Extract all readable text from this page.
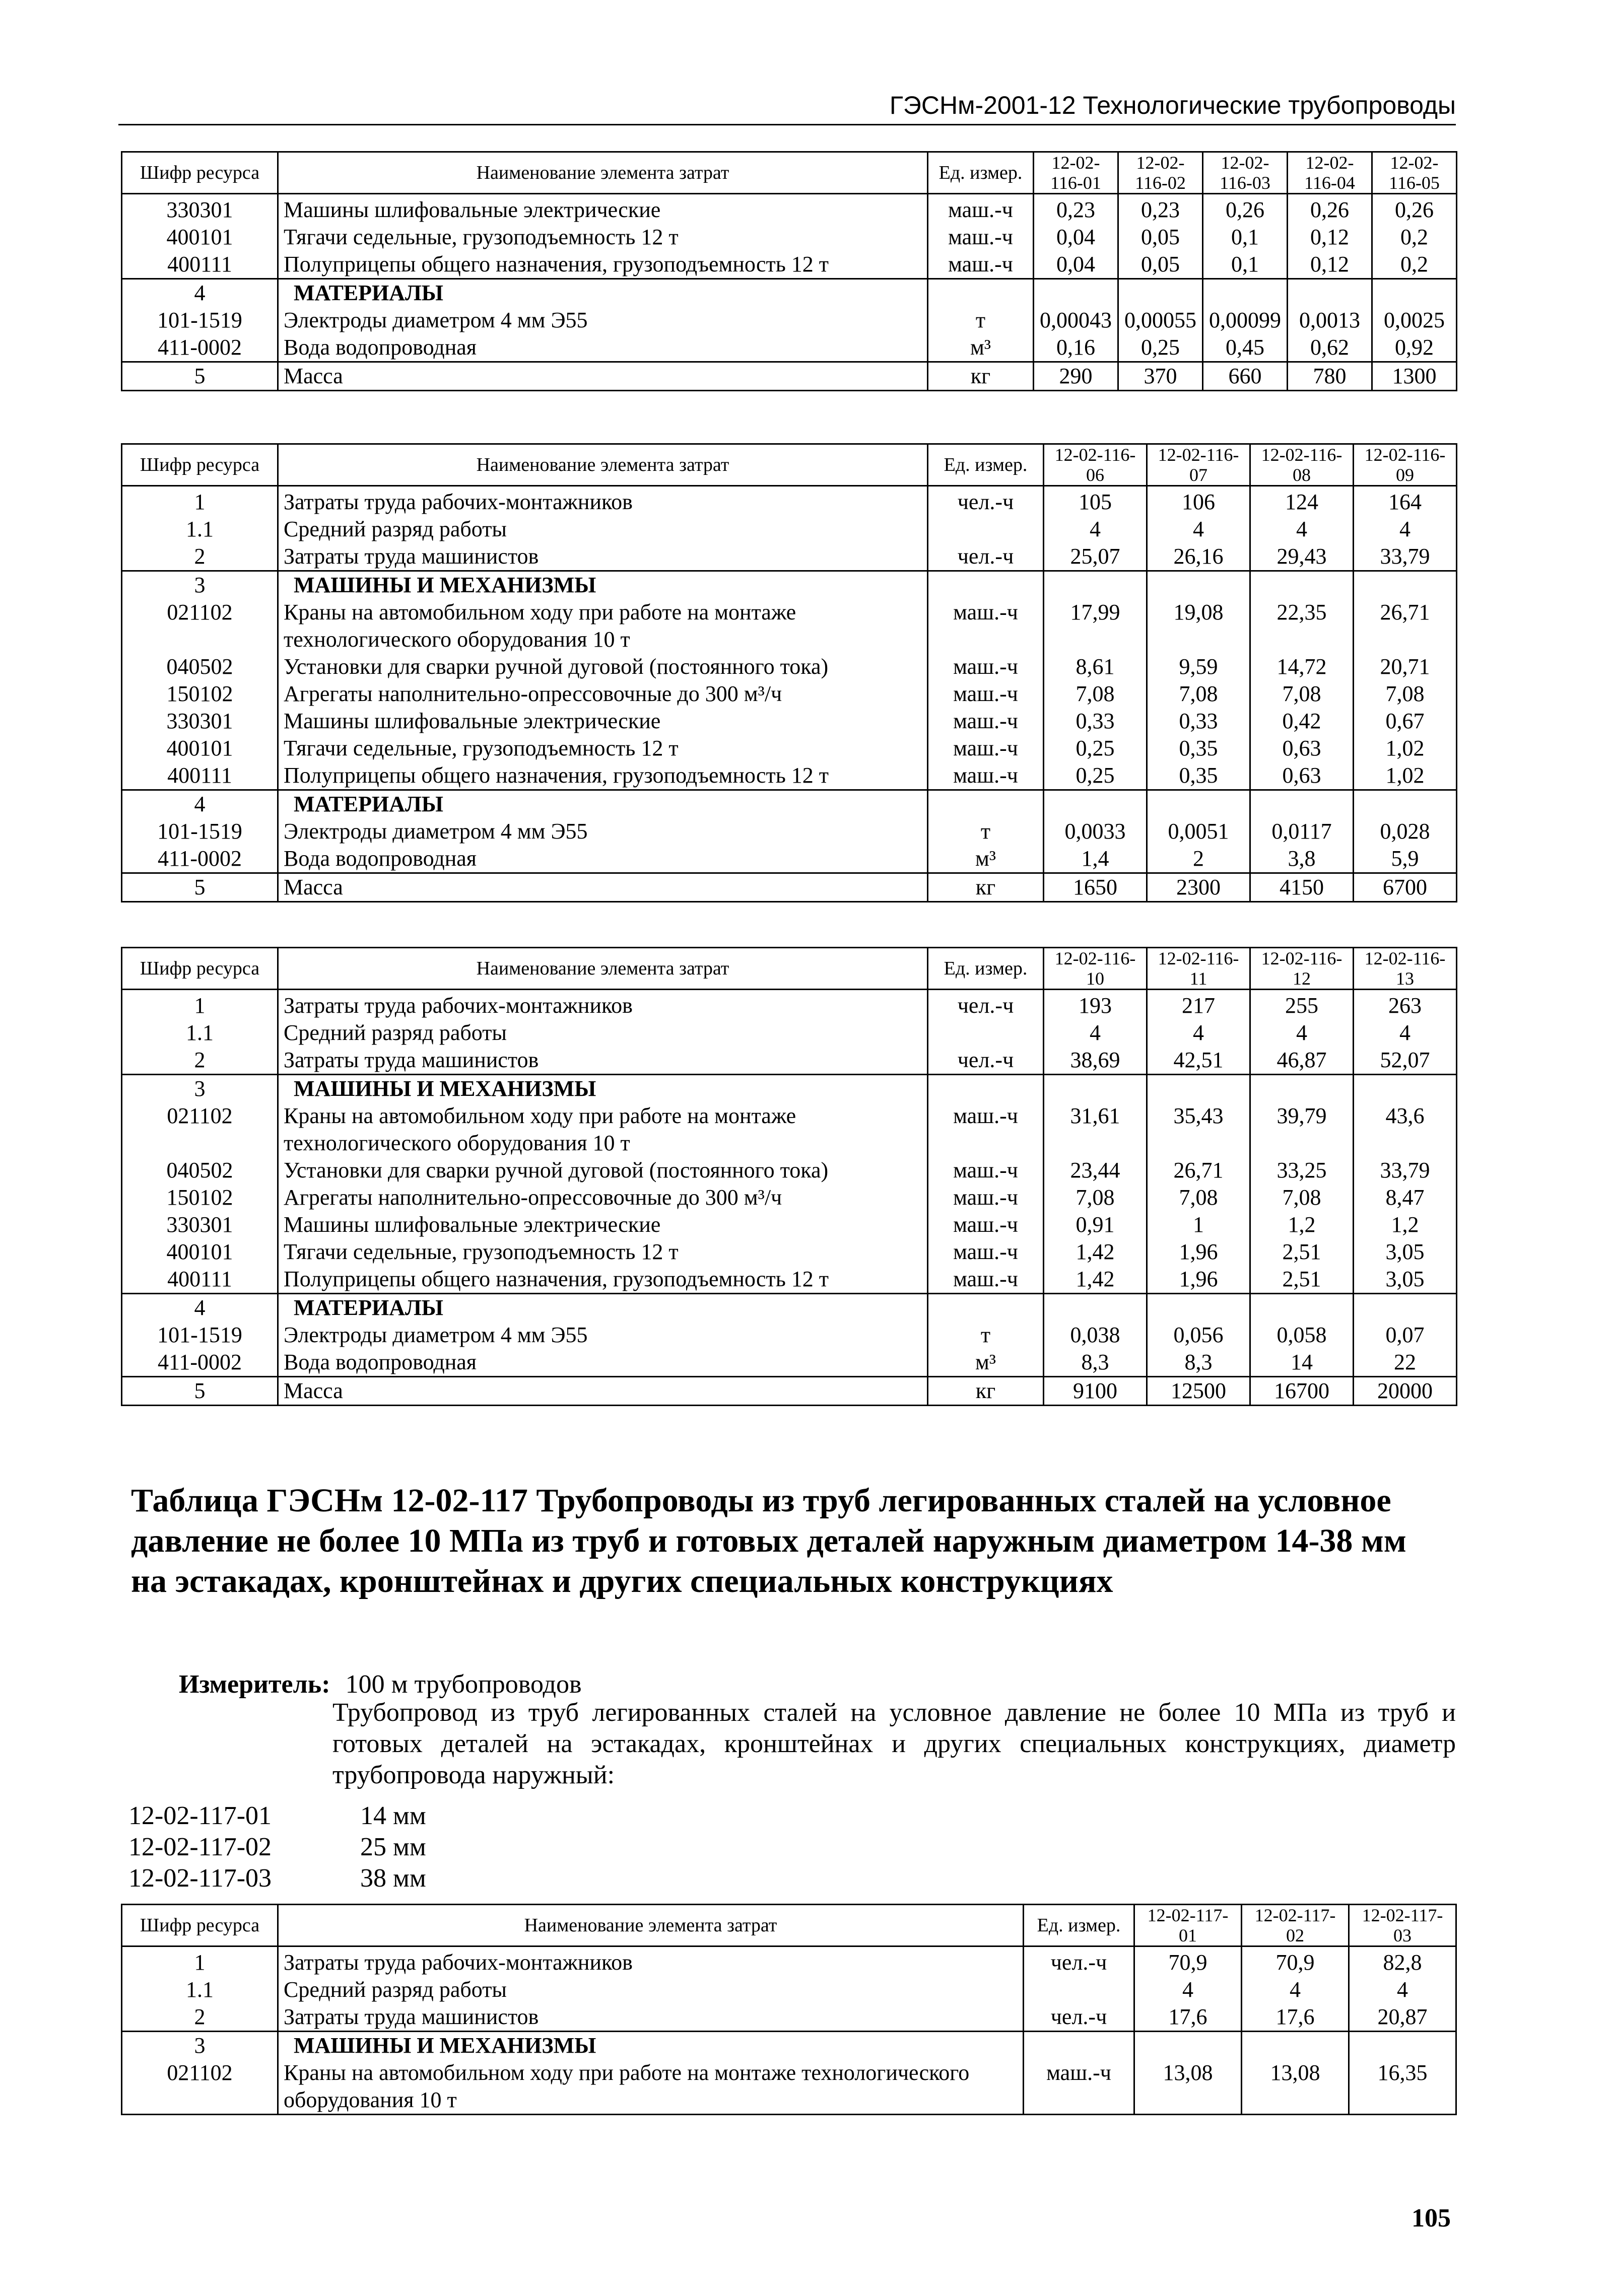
ГЭСНм-2001-12 Технологические трубопроводы
Шифр ресурса	Наименование элемента затрат	Ед. измер.	12-02-116-01	12-02-116-02	12-02-116-03	12-02-116-04	12-02-116-05
330301	Машины шлифовальные электрические	маш.-ч	0,23	0,23	0,26	0,26	0,26
400101	Тягачи седельные, грузоподъемность 12 т	маш.-ч	0,04	0,05	0,1	0,12	0,2
400111	Полуприцепы общего назначения, грузоподъемность 12 т	маш.-ч	0,04	0,05	0,1	0,12	0,2
4	МАТЕРИАЛЫ						
101-1519	Электроды диаметром 4 мм Э55	т	0,00043	0,00055	0,00099	0,0013	0,0025
411-0002	Вода водопроводная	м³	0,16	0,25	0,45	0,62	0,92
5	Масса	кг	290	370	660	780	1300
Шифр ресурса	Наименование элемента затрат	Ед. измер.	12-02-116-06	12-02-116-07	12-02-116-08	12-02-116-09
1	Затраты труда рабочих-монтажников	чел.-ч	105	106	124	164
1.1	Средний разряд работы		4	4	4	4
2	Затраты труда машинистов	чел.-ч	25,07	26,16	29,43	33,79
3	МАШИНЫ И МЕХАНИЗМЫ					
021102	Краны на автомобильном ходу при работе на монтаже технологического оборудования 10 т	маш.-ч	17,99	19,08	22,35	26,71
040502	Установки для сварки ручной дуговой (постоянного тока)	маш.-ч	8,61	9,59	14,72	20,71
150102	Агрегаты наполнительно-опрессовочные до 300 м³/ч	маш.-ч	7,08	7,08	7,08	7,08
330301	Машины шлифовальные электрические	маш.-ч	0,33	0,33	0,42	0,67
400101	Тягачи седельные, грузоподъемность 12 т	маш.-ч	0,25	0,35	0,63	1,02
400111	Полуприцепы общего назначения, грузоподъемность 12 т	маш.-ч	0,25	0,35	0,63	1,02
4	МАТЕРИАЛЫ					
101-1519	Электроды диаметром 4 мм Э55	т	0,0033	0,0051	0,0117	0,028
411-0002	Вода водопроводная	м³	1,4	2	3,8	5,9
5	Масса	кг	1650	2300	4150	6700
Шифр ресурса	Наименование элемента затрат	Ед. измер.	12-02-116-10	12-02-116-11	12-02-116-12	12-02-116-13
1	Затраты труда рабочих-монтажников	чел.-ч	193	217	255	263
1.1	Средний разряд работы		4	4	4	4
2	Затраты труда машинистов	чел.-ч	38,69	42,51	46,87	52,07
3	МАШИНЫ И МЕХАНИЗМЫ					
021102	Краны на автомобильном ходу при работе на монтаже технологического оборудования 10 т	маш.-ч	31,61	35,43	39,79	43,6
040502	Установки для сварки ручной дуговой (постоянного тока)	маш.-ч	23,44	26,71	33,25	33,79
150102	Агрегаты наполнительно-опрессовочные до 300 м³/ч	маш.-ч	7,08	7,08	7,08	8,47
330301	Машины шлифовальные электрические	маш.-ч	0,91	1	1,2	1,2
400101	Тягачи седельные, грузоподъемность 12 т	маш.-ч	1,42	1,96	2,51	3,05
400111	Полуприцепы общего назначения, грузоподъемность 12 т	маш.-ч	1,42	1,96	2,51	3,05
4	МАТЕРИАЛЫ					
101-1519	Электроды диаметром 4 мм Э55	т	0,038	0,056	0,058	0,07
411-0002	Вода водопроводная	м³	8,3	8,3	14	22
5	Масса	кг	9100	12500	16700	20000
Таблица ГЭСНм 12-02-117 Трубопроводы из труб легированных сталей на условное давление не более 10 МПа из труб и готовых деталей наружным диаметром 14-38 мм на эстакадах, кронштейнах и других специальных конструкциях
Измеритель: 100 м трубопроводов
Трубопровод из труб легированных сталей на условное давление не более 10 МПа из труб и готовых деталей на эстакадах, кронштейнах и других специальных конструкциях, диаметр трубопровода наружный:
12-02-117-01	14 мм
12-02-117-02	25 мм
12-02-117-03	38 мм
Шифр ресурса	Наименование элемента затрат	Ед. измер.	12-02-117-01	12-02-117-02	12-02-117-03
1	Затраты труда рабочих-монтажников	чел.-ч	70,9	70,9	82,8
1.1	Средний разряд работы		4	4	4
2	Затраты труда машинистов	чел.-ч	17,6	17,6	20,87
3	МАШИНЫ И МЕХАНИЗМЫ				
021102	Краны на автомобильном ходу при работе на монтаже технологического оборудования 10 т	маш.-ч	13,08	13,08	16,35
105
